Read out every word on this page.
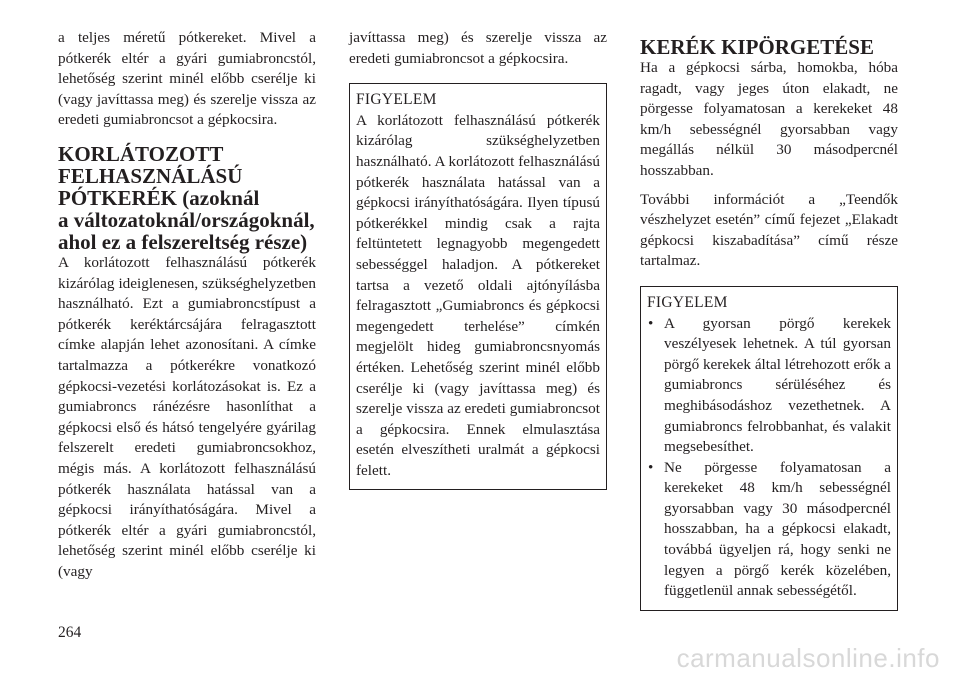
a teljes méretű pótkereket. Mivel a pótkerék eltér a gyári gumiabroncstól, lehetőség szerint minél előbb cserélje ki (vagy javíttassa meg) és szerelje vissza az eredeti gumiabroncsot a gépkocsira.

KORLÁTOZOTT
FELHASZNÁLÁSÚ
PÓTKERÉK (azoknál
a változatoknál/országoknál,
ahol ez a felszereltség része)

A korlátozott felhasználású pótkerék kizárólag ideiglenesen, szükséghelyzetben használható. Ezt a gumiabroncstípust a pótkerék keréktárcsájára felragasztott címke alapján lehet azonosítani. A címke tartalmazza a pótkerékre vonatkozó gépkocsi-vezetési korlátozásokat is. Ez a gumiabroncs ránézésre hasonlíthat a gépkocsi első és hátsó tengelyére gyárilag felszerelt eredeti gumiabroncsokhoz, mégis más. A korlátozott felhasználású pótkerék használata hatással van a gépkocsi irányíthatóságára. Mivel a pótkerék eltér a gyári gumiabroncstól, lehetőség szerint minél előbb cserélje ki (vagy

javíttassa meg) és szerelje vissza az eredeti gumiabroncsot a gépkocsira.

FIGYELEM

A korlátozott felhasználású pótkerék kizárólag szükséghelyzetben használható. A korlátozott felhasználású pótkerék használata hatással van a gépkocsi irányíthatóságára. Ilyen típusú pótkerékkel mindig csak a rajta feltüntetett legnagyobb megengedett sebességgel haladjon. A pótkereket tartsa a vezető oldali ajtónyílásba felragasztott „Gumiabroncs és gépkocsi megengedett terhelése” címkén megjelölt hideg gumiabroncsnyomás értéken. Lehetőség szerint minél előbb cserélje ki (vagy javíttassa meg) és szerelje vissza az eredeti gumiabroncsot a gépkocsira. Ennek elmulasztása esetén elveszítheti uralmát a gépkocsi felett.

KERÉK KIPÖRGETÉSE

Ha a gépkocsi sárba, homokba, hóba ragadt, vagy jeges úton elakadt, ne pörgesse folyamatosan a kerekeket 48 km/h sebességnél gyorsabban vagy megállás nélkül 30 másodpercnél hosszabban.

További információt a „Teendők vészhelyzet esetén” című fejezet „Elakadt gépkocsi kiszabadítása” című része tartalmaz.

FIGYELEM
• A gyorsan pörgő kerekek veszélyesek lehetnek. A túl gyorsan pörgő kerekek által létrehozott erők a gumiabroncs sérüléséhez és meghibásodáshoz vezethetnek. A gumiabroncs felrobbanhat, és valakit megsebesíthet.
• Ne pörgesse folyamatosan a kerekeket 48 km/h sebességnél gyorsabban vagy 30 másodpercnél hosszabban, ha a gépkocsi elakadt, továbbá ügyeljen rá, hogy senki ne legyen a pörgő kerék közelében, függetlenül annak sebességétől.
264
carmanualsonline.info
